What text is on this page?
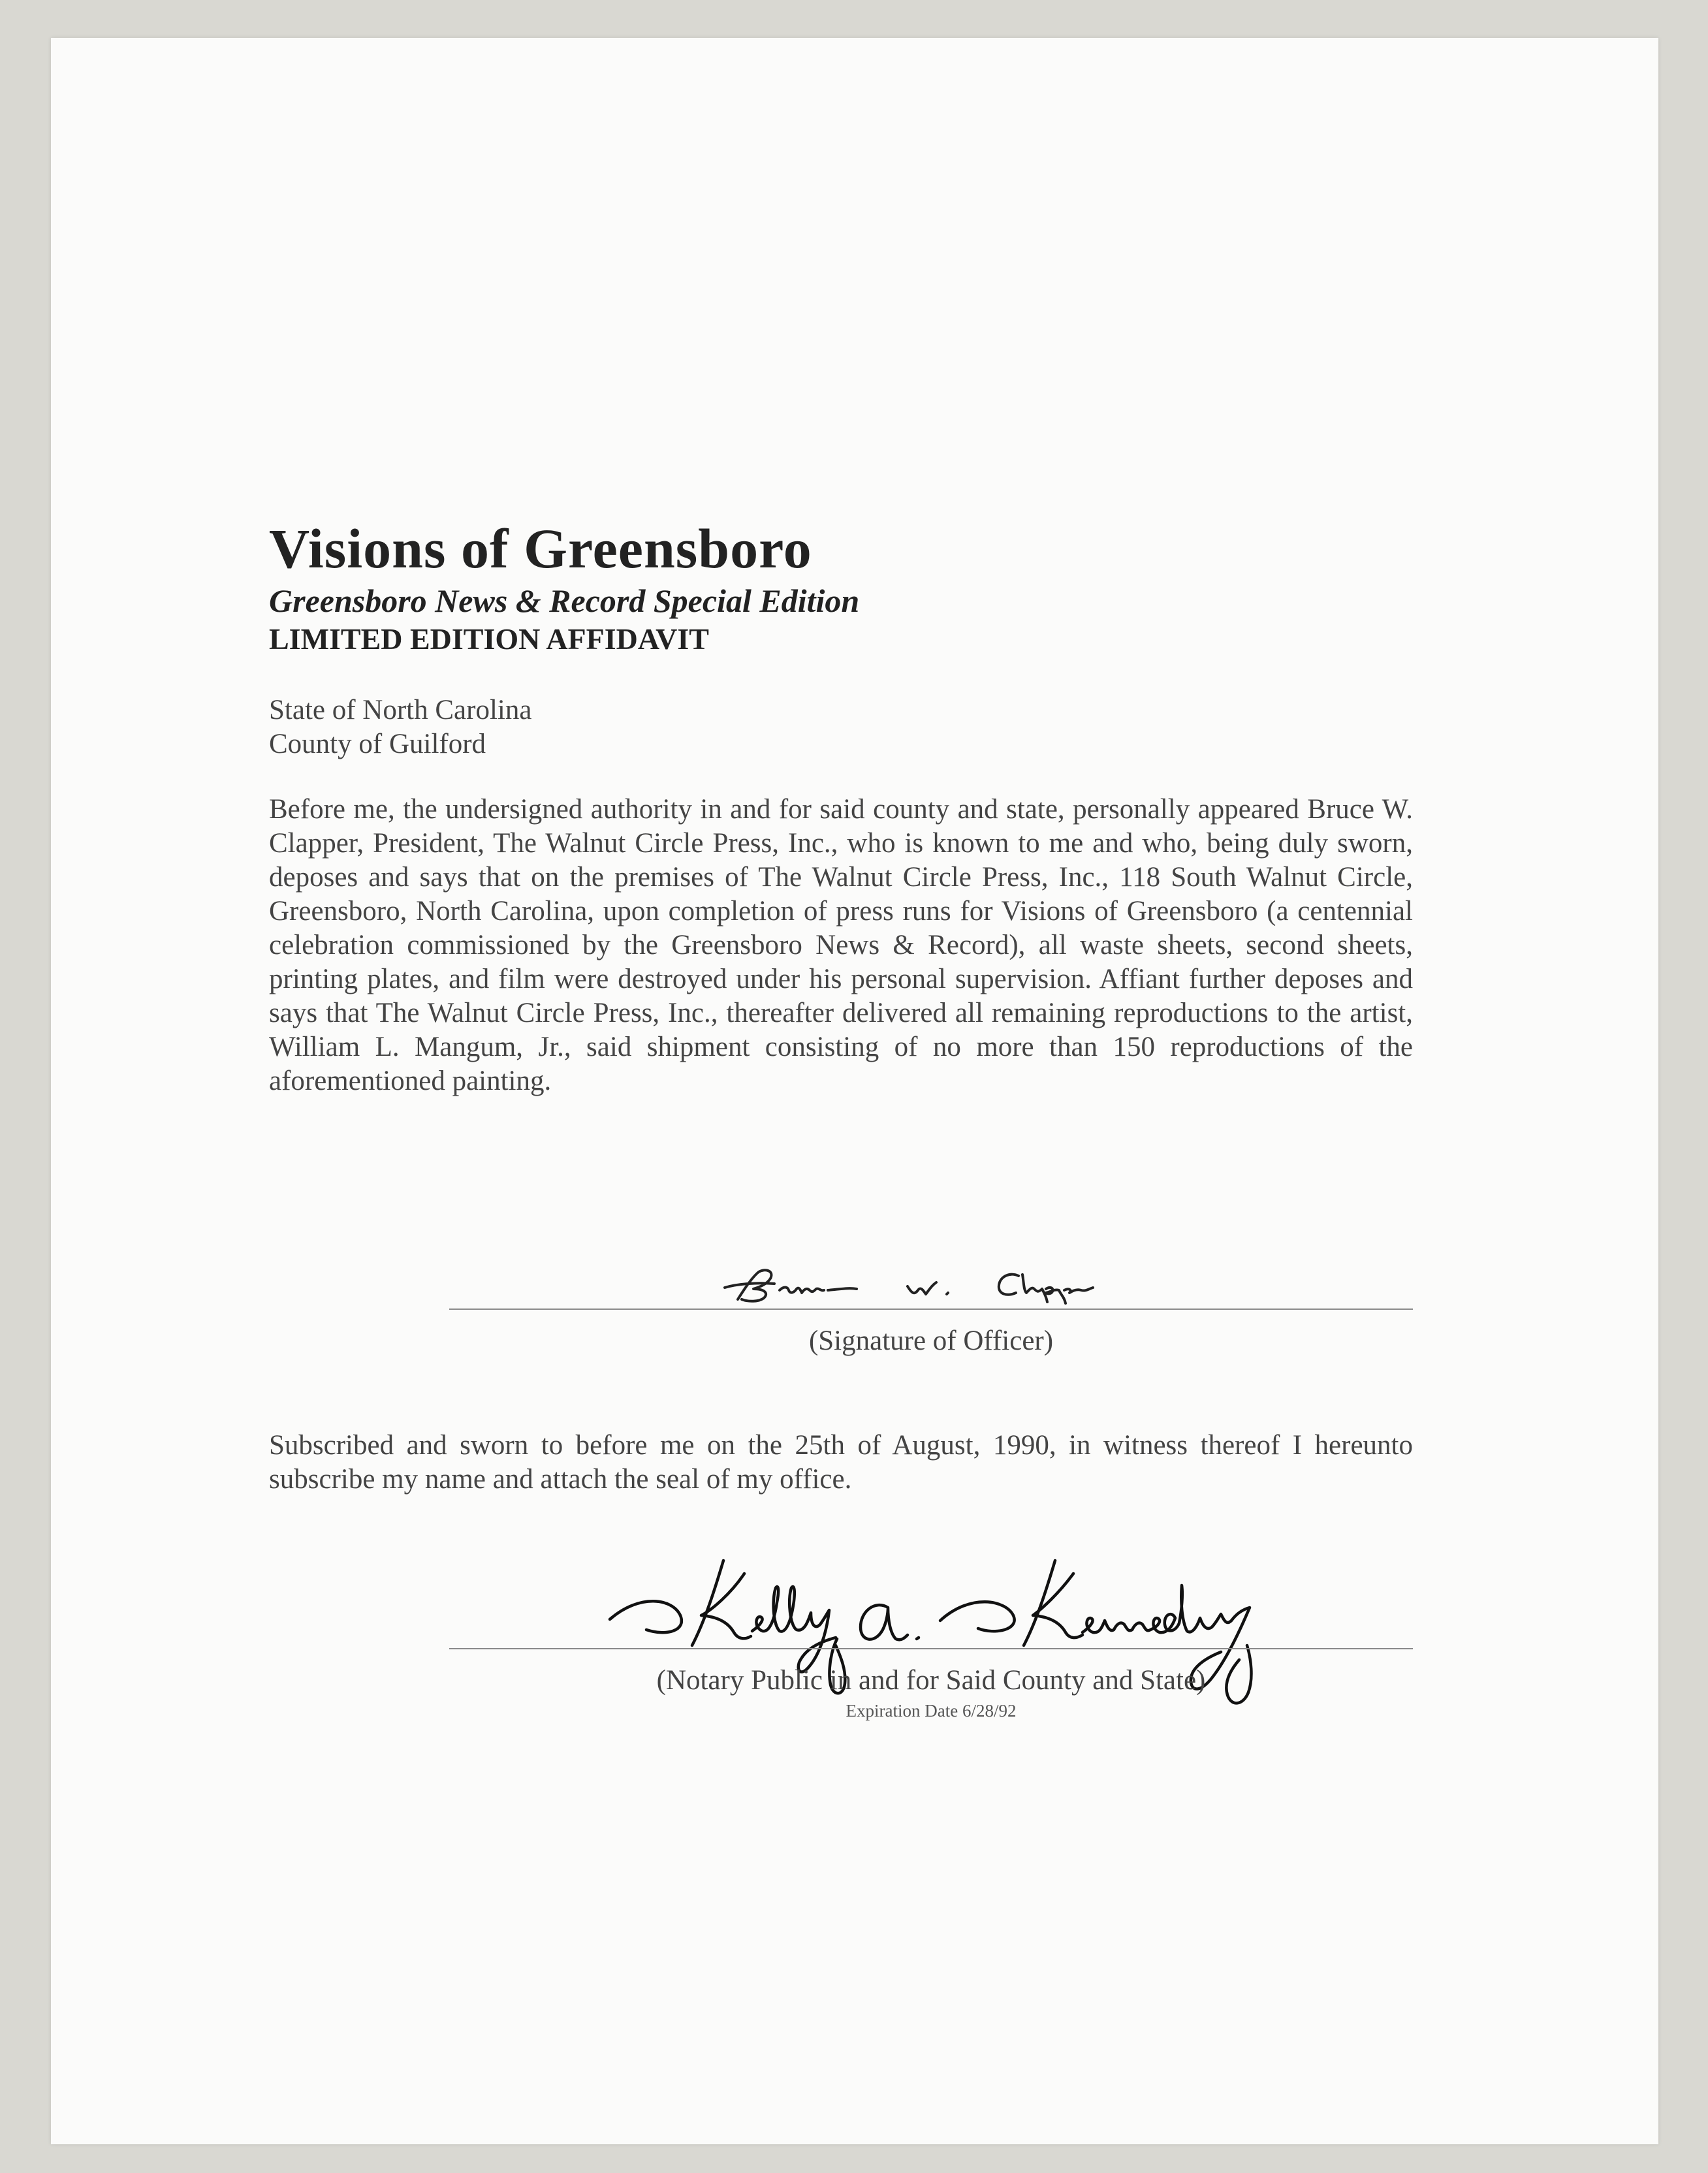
Visions of Greensboro
Greensboro News & Record Special Edition
LIMITED EDITION AFFIDAVIT
State of North Carolina
County of Guilford

Before me, the undersigned authority in and for said county and state, personally appeared Bruce W. Clapper, President, The Walnut Circle Press, Inc., who is known to me and who, being duly sworn, deposes and says that on the premises of The Walnut Circle Press, Inc., 118 South Walnut Circle, Greensboro, North Carolina, upon completion of press runs for Visions of Greensboro (a centennial celebration commissioned by the Greensboro News & Record), all waste sheets, second sheets, printing plates, and film were destroyed under his personal supervision. Affiant further deposes and says that The Walnut Circle Press, Inc., thereafter delivered all remaining reproductions to the artist, William L. Mangum, Jr., said shipment consisting of no more than 150 reproductions of the aforementioned painting.

(Signature of Officer)
Subscribed and sworn to before me on the 25th of August, 1990, in witness thereof I hereunto subscribe my name and attach the seal of my office.
(Notary Public in and for Said County and State)
Expiration Date 6/28/92
